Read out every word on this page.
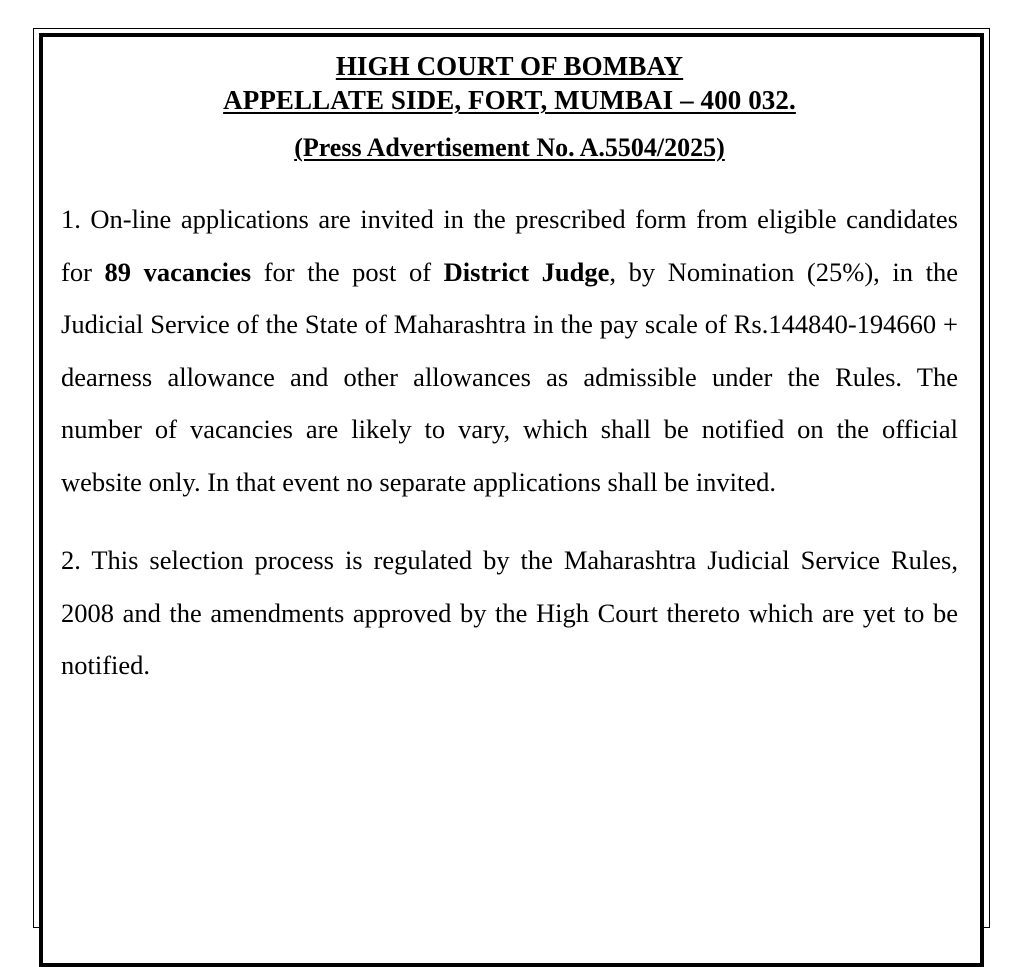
HIGH COURT OF BOMBAY
APPELLATE SIDE, FORT, MUMBAI – 400 032.
(Press Advertisement No. A.5504/2025)

1. On-line applications are invited in the prescribed form from eligible candidates for 89 vacancies for the post of District Judge, by Nomination (25%), in the Judicial Service of the State of Maharashtra in the pay scale of Rs.144840-194660 + dearness allowance and other allowances as admissible under the Rules. The number of vacancies are likely to vary, which shall be notified on the official website only. In that event no separate applications shall be invited.

2. This selection process is regulated by the Maharashtra Judicial Service Rules, 2008 and the amendments approved by the High Court thereto which are yet to be notified.
